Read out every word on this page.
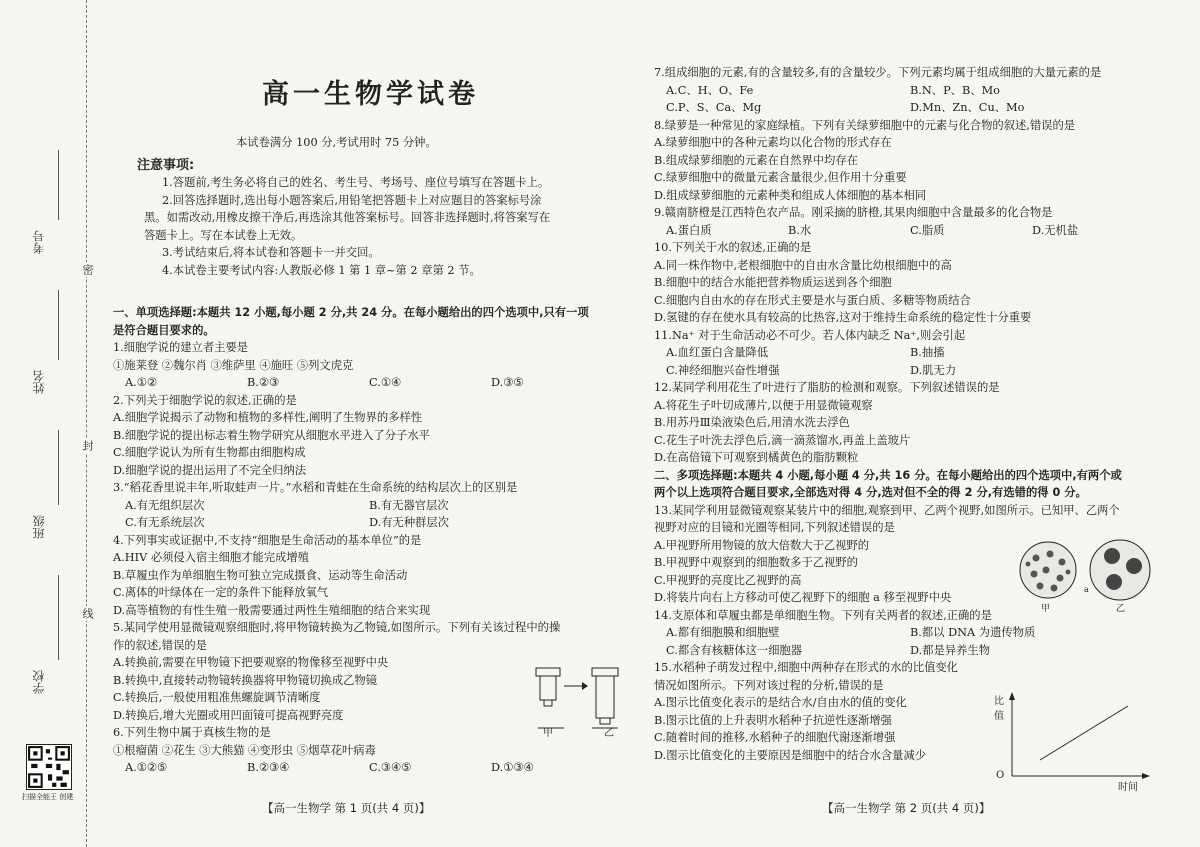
考号
姓名
班级
学校
密
封
线
扫描全能王 创建
高一生物学试卷
本试卷满分 100 分,考试用时 75 分钟。
注意事项:

1.答题前,考生务必将自己的姓名、考生号、考场号、座位号填写在答题卡上。

2.回答选择题时,选出每小题答案后,用铅笔把答题卡上对应题目的答案标号涂

黑。如需改动,用橡皮擦干净后,再选涂其他答案标号。回答非选择题时,将答案写在

答题卡上。写在本试卷上无效。

3.考试结束后,将本试卷和答题卡一并交回。

4.本试卷主要考试内容:人教版必修 1 第 1 章~第 2 章第 2 节。

一、单项选择题:本题共 12 小题,每小题 2 分,共 24 分。在每小题给出的四个选项中,只有一项

是符合题目要求的。

1.细胞学说的建立者主要是

①施莱登 ②魏尔肖 ③维萨里 ④施旺 ⑤列文虎克

A.①②	B.②③	C.①④	D.③⑤

2.下列关于细胞学说的叙述,正确的是

A.细胞学说揭示了动物和植物的多样性,阐明了生物界的多样性

B.细胞学说的提出标志着生物学研究从细胞水平进入了分子水平

C.细胞学说认为所有生物都由细胞构成

D.细胞学说的提出运用了不完全归纳法

3.“稻花香里说丰年,听取蛙声一片。”水稻和青蛙在生命系统的结构层次上的区别是

A.有无组织层次	B.有无器官层次

C.有无系统层次	D.有无种群层次

4.下列事实或证据中,不支持“细胞是生命活动的基本单位”的是

A.HIV 必须侵入宿主细胞才能完成增殖

B.草履虫作为单细胞生物可独立完成摄食、运动等生命活动

C.离体的叶绿体在一定的条件下能释放氧气

D.高等植物的有性生殖一般需要通过两性生殖细胞的结合来实现

5.某同学使用显微镜观察细胞时,将甲物镜转换为乙物镜,如图所示。下列有关该过程中的操

作的叙述,错误的是

A.转换前,需要在甲物镜下把要观察的物像移至视野中央

B.转换中,直接转动物镜转换器将甲物镜切换成乙物镜

C.转换后,一般使用粗准焦螺旋调节清晰度

D.转换后,增大光圈或用凹面镜可提高视野亮度

6.下列生物中属于真核生物的是

①根瘤菌 ②花生 ③大熊猫 ④变形虫 ⑤烟草花叶病毒

A.①②⑤	B.②③④	C.③④⑤	D.①③④

7.组成细胞的元素,有的含量较多,有的含量较少。下列元素均属于组成细胞的大量元素的是

A.C、H、O、Fe	B.N、P、B、Mo

C.P、S、Ca、Mg	D.Mn、Zn、Cu、Mo

8.绿萝是一种常见的家庭绿植。下列有关绿萝细胞中的元素与化合物的叙述,错误的是

A.绿萝细胞中的各种元素均以化合物的形式存在

B.组成绿萝细胞的元素在自然界中均存在

C.绿萝细胞中的微量元素含量很少,但作用十分重要

D.组成绿萝细胞的元素种类和组成人体细胞的基本相同

9.赣南脐橙是江西特色农产品。刚采摘的脐橙,其果肉细胞中含量最多的化合物是

A.蛋白质	B.水	C.脂质	D.无机盐

10.下列关于水的叙述,正确的是

A.同一株作物中,老根细胞中的自由水含量比幼根细胞中的高

B.细胞中的结合水能把营养物质运送到各个细胞

C.细胞内自由水的存在形式主要是水与蛋白质、多糖等物质结合

D.氢键的存在使水具有较高的比热容,这对于维持生命系统的稳定性十分重要

11.Na⁺ 对于生命活动必不可少。若人体内缺乏 Na⁺,则会引起

A.血红蛋白含量降低	B.抽搐

C.神经细胞兴奋性增强	D.肌无力

12.某同学利用花生了叶进行了脂肪的检测和观察。下列叙述错误的是

A.将花生子叶切成薄片,以便于用显微镜观察

B.用苏丹Ⅲ染液染色后,用清水洗去浮色

C.花生子叶洗去浮色后,滴一滴蒸馏水,再盖上盖玻片

D.在高倍镜下可观察到橘黄色的脂肪颗粒

二、多项选择题:本题共 4 小题,每小题 4 分,共 16 分。在每小题给出的四个选项中,有两个或

两个以上选项符合题目要求,全部选对得 4 分,选对但不全的得 2 分,有选错的得 0 分。

13.某同学利用显微镜观察某装片中的细胞,观察到甲、乙两个视野,如图所示。已知甲、乙两个

视野对应的目镜和光圈等相同,下列叙述错误的是

A.甲视野所用物镜的放大倍数大于乙视野的

B.甲视野中观察到的细胞数多于乙视野的

C.甲视野的亮度比乙视野的高

D.将装片向右上方移动可使乙视野下的细胞 a 移至视野中央

14.支原体和草履虫都是单细胞生物。下列有关两者的叙述,正确的是

A.都有细胞膜和细胞壁	B.都以 DNA 为遗传物质

C.都含有核糖体这一细胞器	D.都是异养生物

15.水稻种子萌发过程中,细胞中两种存在形式的水的比值变化

情况如图所示。下列对该过程的分析,错误的是

A.图示比值变化表示的是结合水/自由水的值的变化

B.图示比值的上升表明水稻种子抗逆性逐渐增强

C.随着时间的推移,水稻种子的细胞代谢逐渐增强

D.图示比值变化的主要原因是细胞中的结合水含量减少

甲	乙
甲	乙
a
比值
O
时间
【高一生物学 第 1 页(共 4 页)】	【高一生物学 第 2 页(共 4 页)】
